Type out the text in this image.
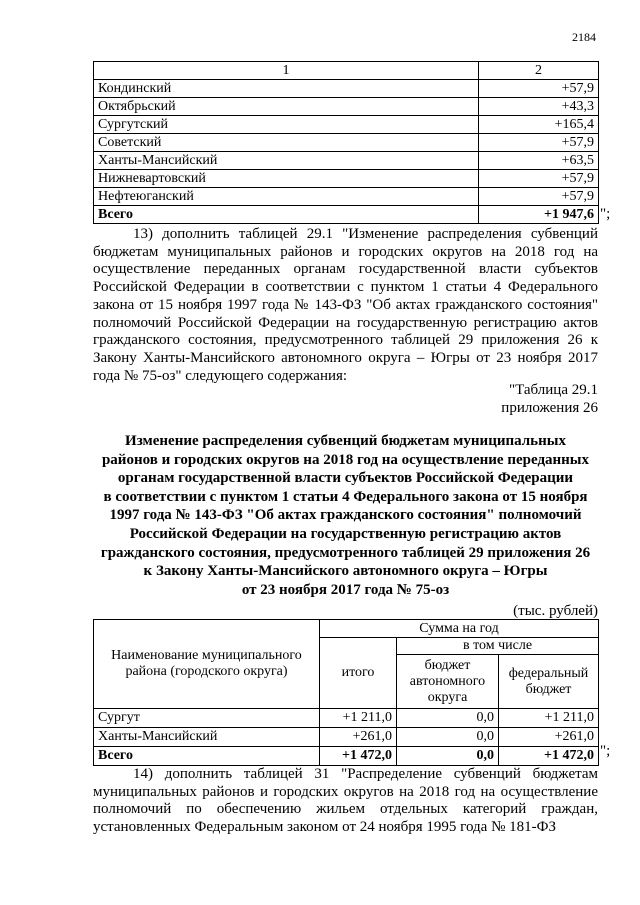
2184
1	2
Кондинский	+57,9
Октябрьский	+43,3
Сургутский	+165,4
Советский	+57,9
Ханты-Мансийский	+63,5
Нижневартовский	+57,9
Нефтеюганский	+57,9
Всего	+1 947,6 ";
13) дополнить таблицей 29.1 "Изменение распределения субвенций бюджетам муниципальных районов и городских округов на 2018 год на осуществление переданных органам государственной власти субъектов Российской Федерации в соответствии с пунктом 1 статьи 4 Федерального закона от 15 ноября 1997 года № 143-ФЗ "Об актах гражданского состояния" полномочий Российской Федерации на государственную регистрацию актов гражданского состояния, предусмотренного таблицей 29 приложения 26 к Закону Ханты-Мансийского автономного округа – Югры от 23 ноября 2017 года № 75-оз" следующего содержания:
"Таблица 29.1
приложения 26
Изменение распределения субвенций бюджетам муниципальных
районов и городских округов на 2018 год на осуществление переданных
органам государственной власти субъектов Российской Федерации
в соответствии с пунктом 1 статьи 4 Федерального закона от 15 ноября
1997 года № 143-ФЗ "Об актах гражданского состояния" полномочий
Российской Федерации на государственную регистрацию актов
гражданского состояния, предусмотренного таблицей 29 приложения 26
к Закону Ханты-Мансийского автономного округа – Югры
от 23 ноября 2017 года № 75-оз
(тыс. рублей)
Наименование муниципального района (городского округа)	Сумма на год		
	итого	в том числе	
		бюджет автономного округа	федеральный бюджет
Сургут	+1 211,0	0,0	+1 211,0
Ханты-Мансийский	+261,0	0,0	+261,0
Всего	+1 472,0	0,0	+1 472,0 ";
14) дополнить таблицей 31 "Распределение субвенций бюджетам муниципальных районов и городских округов на 2018 год на осуществление полномочий по обеспечению жильем отдельных категорий граждан, установленных Федеральным законом от 24 ноября 1995 года № 181-ФЗ
